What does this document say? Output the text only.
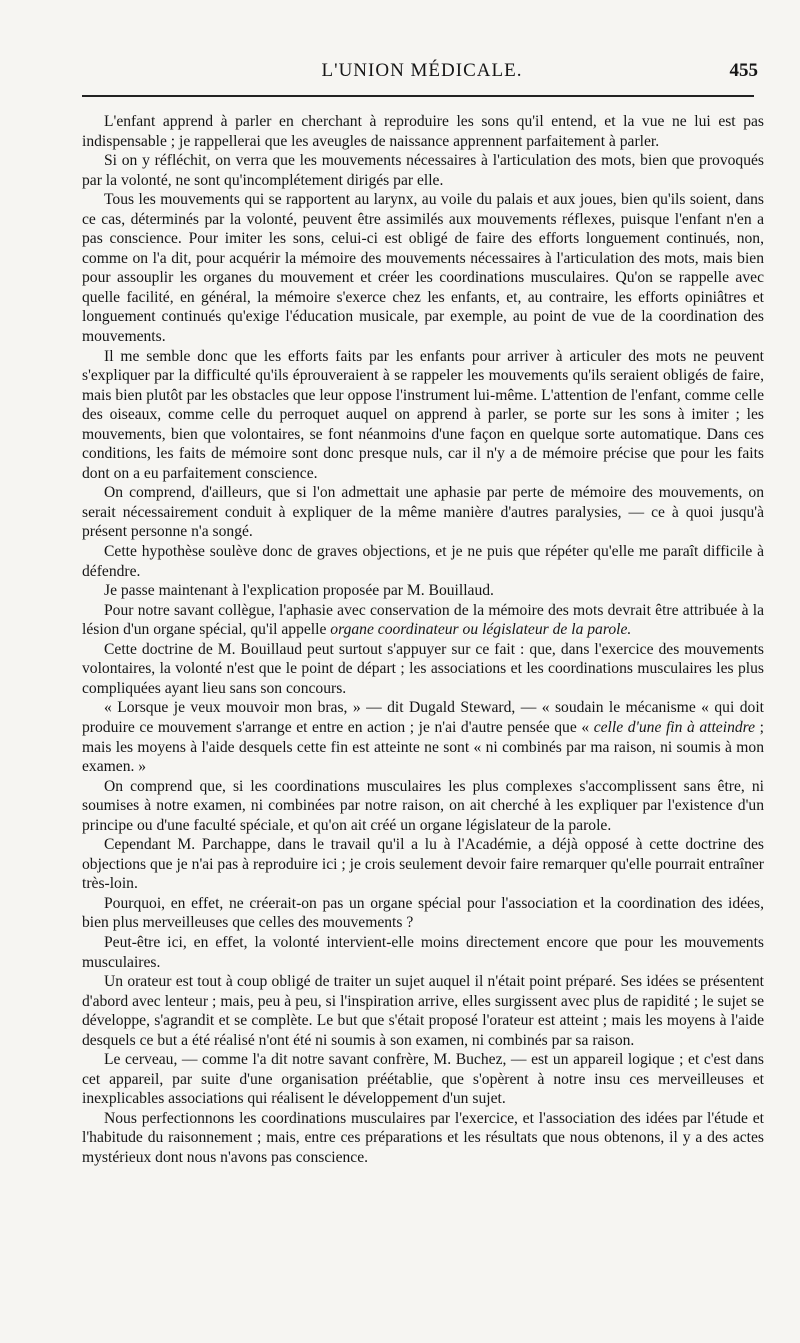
L'UNION MÉDICALE.	455

L'enfant apprend à parler en cherchant à reproduire les sons qu'il entend, et la vue ne lui est pas indispensable ; je rappellerai que les aveugles de naissance apprennent parfaitement à parler.

Si on y réfléchit, on verra que les mouvements nécessaires à l'articulation des mots, bien que provoqués par la volonté, ne sont qu'incomplétement dirigés par elle.

Tous les mouvements qui se rapportent au larynx, au voile du palais et aux joues, bien qu'ils soient, dans ce cas, déterminés par la volonté, peuvent être assimilés aux mouvements réflexes, puisque l'enfant n'en a pas conscience. Pour imiter les sons, celui-ci est obligé de faire des efforts longuement continués, non, comme on l'a dit, pour acquérir la mémoire des mouvements nécessaires à l'articulation des mots, mais bien pour assouplir les organes du mouvement et créer les coordinations musculaires. Qu'on se rappelle avec quelle facilité, en général, la mémoire s'exerce chez les enfants, et, au contraire, les efforts opiniâtres et longuement continués qu'exige l'éducation musicale, par exemple, au point de vue de la coordination des mouvements.

Il me semble donc que les efforts faits par les enfants pour arriver à articuler des mots ne peuvent s'expliquer par la difficulté qu'ils éprouveraient à se rappeler les mouvements qu'ils seraient obligés de faire, mais bien plutôt par les obstacles que leur oppose l'instrument lui-même. L'attention de l'enfant, comme celle des oiseaux, comme celle du perroquet auquel on apprend à parler, se porte sur les sons à imiter ; les mouvements, bien que volontaires, se font néanmoins d'une façon en quelque sorte automatique. Dans ces conditions, les faits de mémoire sont donc presque nuls, car il n'y a de mémoire précise que pour les faits dont on a eu parfaitement conscience.

On comprend, d'ailleurs, que si l'on admettait une aphasie par perte de mémoire des mouvements, on serait nécessairement conduit à expliquer de la même manière d'autres paralysies, — ce à quoi jusqu'à présent personne n'a songé.

Cette hypothèse soulève donc de graves objections, et je ne puis que répéter qu'elle me paraît difficile à défendre.

Je passe maintenant à l'explication proposée par M. Bouillaud.

Pour notre savant collègue, l'aphasie avec conservation de la mémoire des mots devrait être attribuée à la lésion d'un organe spécial, qu'il appelle organe coordinateur ou législateur de la parole.

Cette doctrine de M. Bouillaud peut surtout s'appuyer sur ce fait : que, dans l'exercice des mouvements volontaires, la volonté n'est que le point de départ ; les associations et les coordinations musculaires les plus compliquées ayant lieu sans son concours.

« Lorsque je veux mouvoir mon bras, » — dit Dugald Steward, — « soudain le mécanisme « qui doit produire ce mouvement s'arrange et entre en action ; je n'ai d'autre pensée que « celle d'une fin à atteindre ; mais les moyens à l'aide desquels cette fin est atteinte ne sont « ni combinés par ma raison, ni soumis à mon examen. »

On comprend que, si les coordinations musculaires les plus complexes s'accomplissent sans être, ni soumises à notre examen, ni combinées par notre raison, on ait cherché à les expliquer par l'existence d'un principe ou d'une faculté spéciale, et qu'on ait créé un organe législateur de la parole.

Cependant M. Parchappe, dans le travail qu'il a lu à l'Académie, a déjà opposé à cette doctrine des objections que je n'ai pas à reproduire ici ; je crois seulement devoir faire remarquer qu'elle pourrait entraîner très-loin.

Pourquoi, en effet, ne créerait-on pas un organe spécial pour l'association et la coordination des idées, bien plus merveilleuses que celles des mouvements ?

Peut-être ici, en effet, la volonté intervient-elle moins directement encore que pour les mouvements musculaires.

Un orateur est tout à coup obligé de traiter un sujet auquel il n'était point préparé. Ses idées se présentent d'abord avec lenteur ; mais, peu à peu, si l'inspiration arrive, elles surgissent avec plus de rapidité ; le sujet se développe, s'agrandit et se complète. Le but que s'était proposé l'orateur est atteint ; mais les moyens à l'aide desquels ce but a été réalisé n'ont été ni soumis à son examen, ni combinés par sa raison.

Le cerveau, — comme l'a dit notre savant confrère, M. Buchez, — est un appareil logique ; et c'est dans cet appareil, par suite d'une organisation préétablie, que s'opèrent à notre insu ces merveilleuses et inexplicables associations qui réalisent le développement d'un sujet.

Nous perfectionnons les coordinations musculaires par l'exercice, et l'association des idées par l'étude et l'habitude du raisonnement ; mais, entre ces préparations et les résultats que nous obtenons, il y a des actes mystérieux dont nous n'avons pas conscience.
